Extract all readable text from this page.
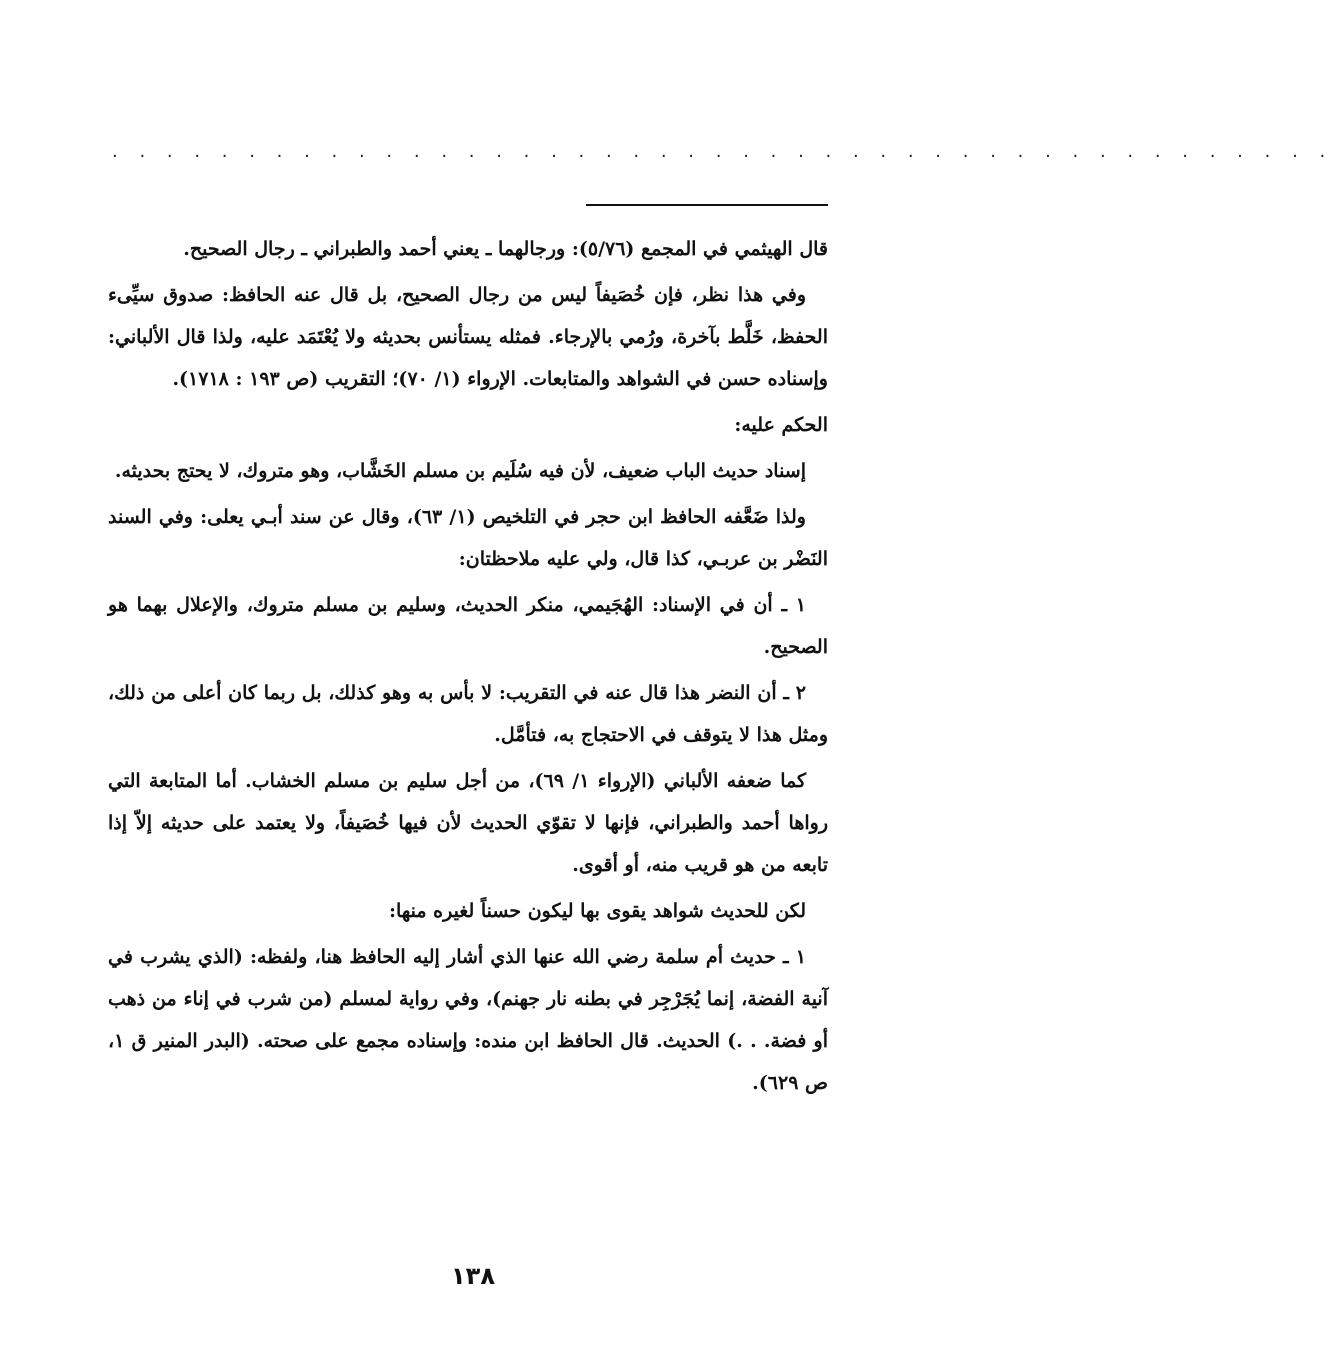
. . . . . . . . . . . . . . . . . . . . . . . . . . . . . . . . . . . . . . . . . . . . .

قال الهيثمي في المجمع (٥/٧٦): ورجالهما ـ يعني أحمد والطبراني ـ رجال الصحيح.

وفي هذا نظر، فإن خُصَيفاً ليس من رجال الصحيح، بل قال عنه الحافظ: صدوق سيِّىء الحفظ، خَلَّط بآخرة، ورُمي بالإرجاء. فمثله يستأنس بحديثه ولا يُعْتَمَد عليه، ولذا قال الألباني: وإسناده حسن في الشواهد والمتابعات. الإرواء (١/ ٧٠)؛ التقريب (ص ١٩٣ : ١٧١٨).

الحكم عليه:

إسناد حديث الباب ضعيف، لأن فيه سُلَيم بن مسلم الخَشَّاب، وهو متروك، لا يحتج بحديثه.

ولذا ضَعَّفه الحافظ ابن حجر في التلخيص (١/ ٦٣)، وقال عن سند أبـي يعلى: وفي السند النَضْر بن عربـي، كذا قال، ولي عليه ملاحظتان:

١ ـ أن في الإسناد: الهُجَيمي، منكر الحديث، وسليم بن مسلم متروك، والإعلال بهما هو الصحيح.

٢ ـ أن النضر هذا قال عنه في التقريب: لا بأس به وهو كذلك، بل ربما كان أعلى من ذلك، ومثل هذا لا يتوقف في الاحتجاج به، فتأمَّل.

كما ضعفه الألباني (الإرواء ١/ ٦٩)، من أجل سليم بن مسلم الخشاب. أما المتابعة التي رواها أحمد والطبراني، فإنها لا تقوّي الحديث لأن فيها خُصَيفاً، ولا يعتمد على حديثه إلاّ إذا تابعه من هو قريب منه، أو أقوى.

لكن للحديث شواهد يقوى بها ليكون حسناً لغيره منها:

١ ـ حديث أم سلمة رضي الله عنها الذي أشار إليه الحافظ هنا، ولفظه: (الذي يشرب في آنية الفضة، إنما يُجَرْجِر في بطنه نار جهنم)، وفي رواية لمسلم (من شرب في إناء من ذهب أو فضة. . .) الحديث. قال الحافظ ابن منده: وإسناده مجمع على صحته. (البدر المنير ق ١، ص ٦٢٩).

١٣٨
